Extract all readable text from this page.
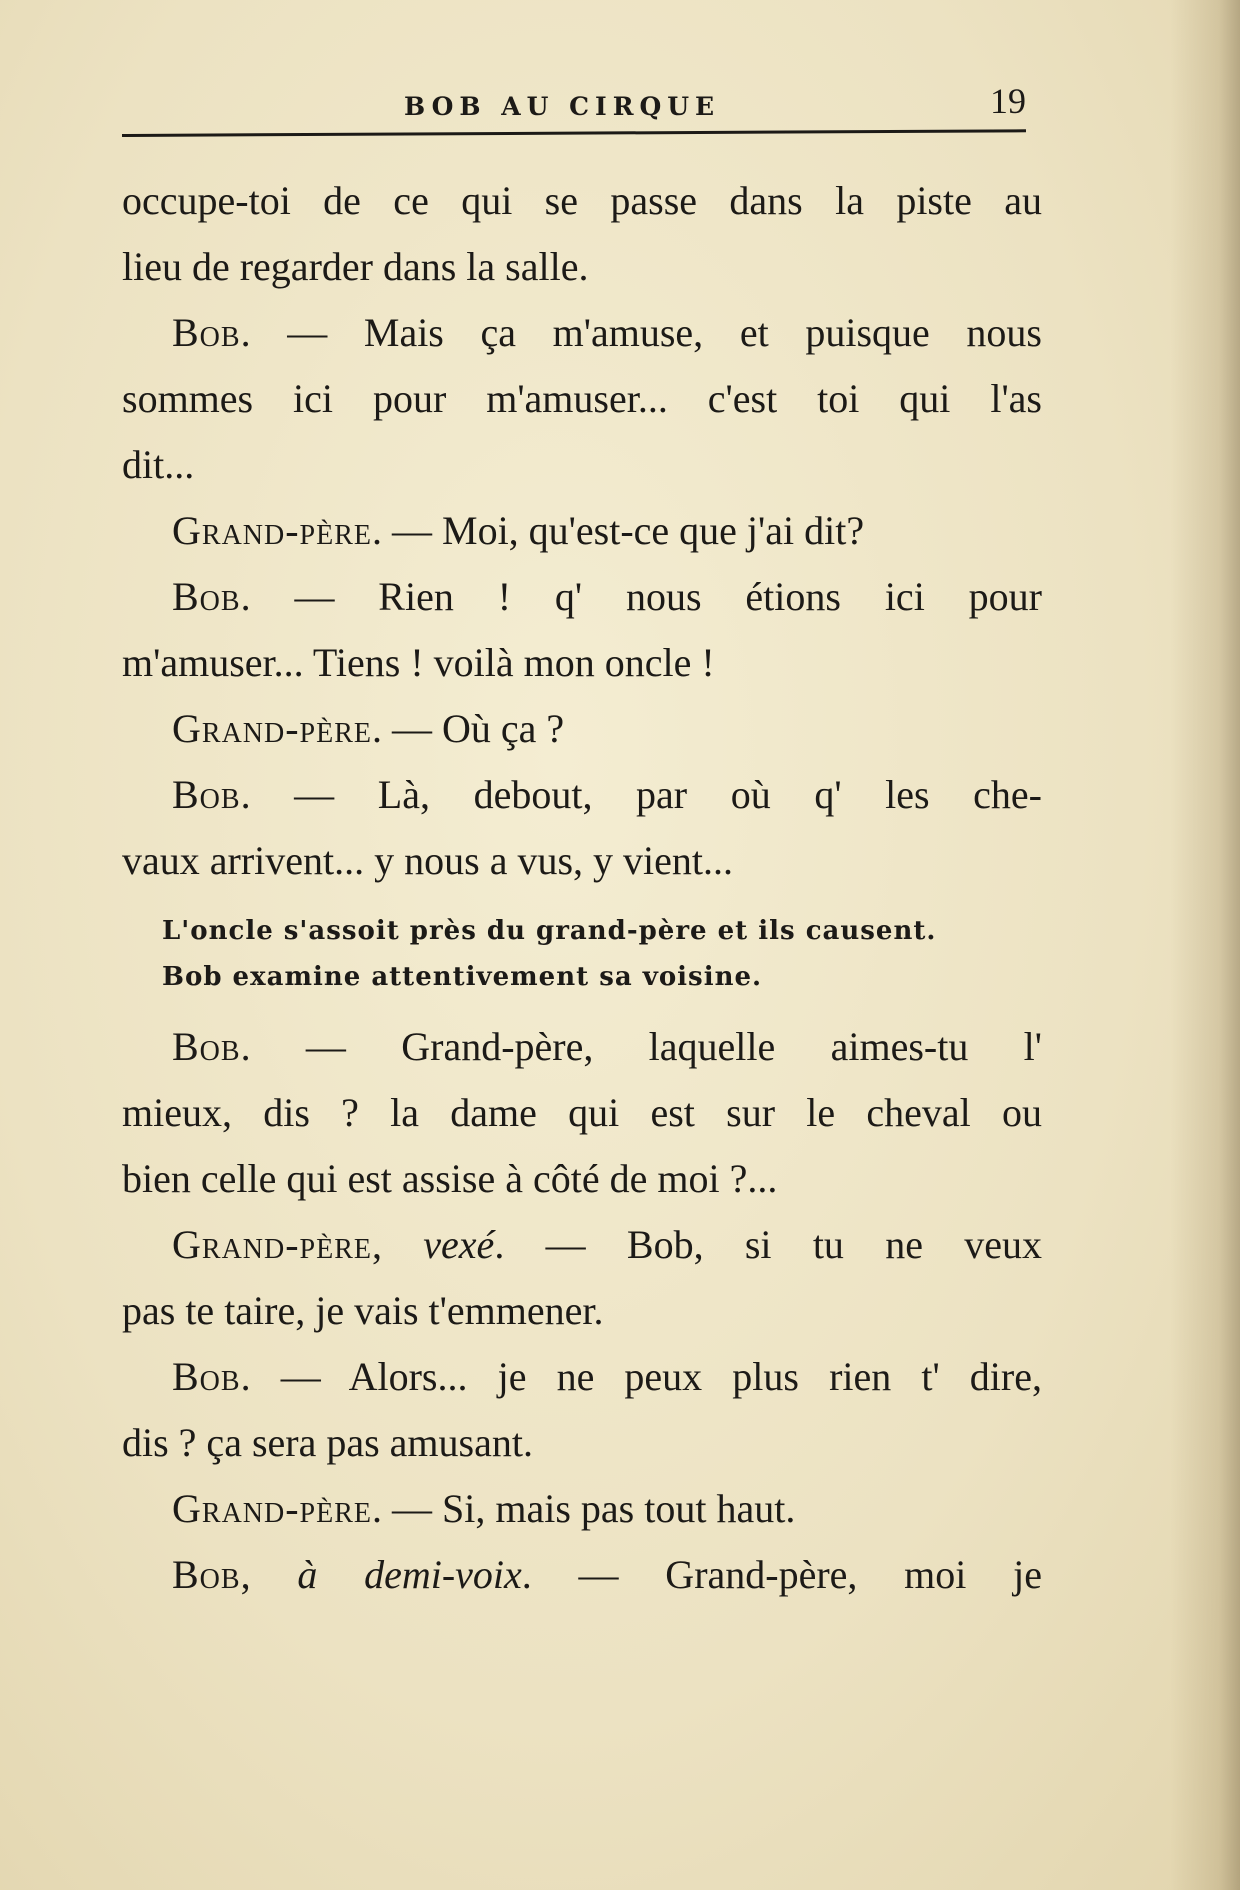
BOB AU CIRQUE	19
occupe-toi de ce qui se passe dans la piste au
lieu de regarder dans la salle.
Bob. — Mais ça m'amuse, et puisque nous
sommes ici pour m'amuser... c'est toi qui l'as
dit...
Grand-père. — Moi, qu'est-ce que j'ai dit?
Bob. — Rien ! q' nous étions ici pour
m'amuser... Tiens ! voilà mon oncle !
Grand-père. — Où ça ?
Bob. — Là, debout, par où q' les che-
vaux arrivent... y nous a vus, y vient...
L'oncle s'assoit près du grand-père et ils causent.
Bob examine attentivement sa voisine.
Bob. — Grand-père, laquelle aimes-tu l'
mieux, dis ? la dame qui est sur le cheval ou
bien celle qui est assise à côté de moi ?...
Grand-père, vexé. — Bob, si tu ne veux
pas te taire, je vais t'emmener.
Bob. — Alors... je ne peux plus rien t' dire,
dis ? ça sera pas amusant.
Grand-père. — Si, mais pas tout haut.
Bob, à demi-voix. — Grand-père, moi je
